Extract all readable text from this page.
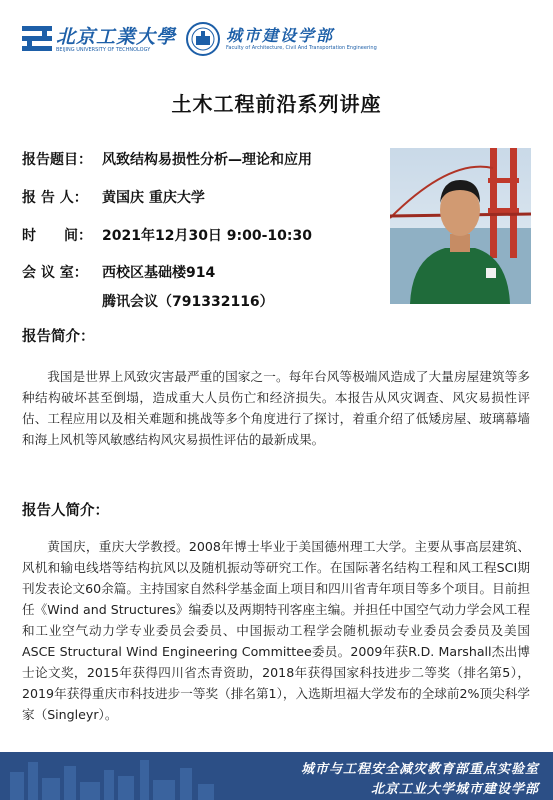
北京工業大學
BEIJING UNIVERSITY OF TECHNOLOGY
城市建设学部
Faculty of Architecture, Civil And Transportation Engineering
土木工程前沿系列讲座
报告题目： 风致结构易损性分析—理论和应用
报 告 人： 黄国庆 重庆大学
时　　间： 2021年12月30日 9:00-10:30
会 议 室： 西校区基础楼914
腾讯会议（791332116）
报告简介：

我国是世界上风致灾害最严重的国家之一。每年台风等极端风造成了大量房屋建筑等多种结构破坏甚至倒塌，造成重大人员伤亡和经济损失。本报告从风灾调查、风灾易损性评估、工程应用以及相关难题和挑战等多个角度进行了探讨，着重介绍了低矮房屋、玻璃幕墙和海上风机等风敏感结构风灾易损性评估的最新成果。

报告人简介：

黄国庆，重庆大学教授。2008年博士毕业于美国德州理工大学。主要从事高层建筑、风机和输电线塔等结构抗风以及随机振动等研究工作。在国际著名结构工程和风工程SCI期刊发表论文60余篇。主持国家自然科学基金面上项目和四川省青年项目等多个项目。目前担任《Wind and Structures》编委以及两期特刊客座主编。并担任中国空气动力学会风工程和工业空气动力学专业委员会委员、中国振动工程学会随机振动专业委员会委员及美国ASCE Structural Wind Engineering Committee委员。2009年获R.D. Marshall杰出博士论文奖，2015年获得四川省杰青资助，2018年获得国家科技进步二等奖（排名第5），2019年获得重庆市科技进步一等奖（排名第1），入选斯坦福大学发布的全球前2%顶尖科学家（Singleyr）。

城市与工程安全减灾教育部重点实验室
北京工业大学城市建设学部
